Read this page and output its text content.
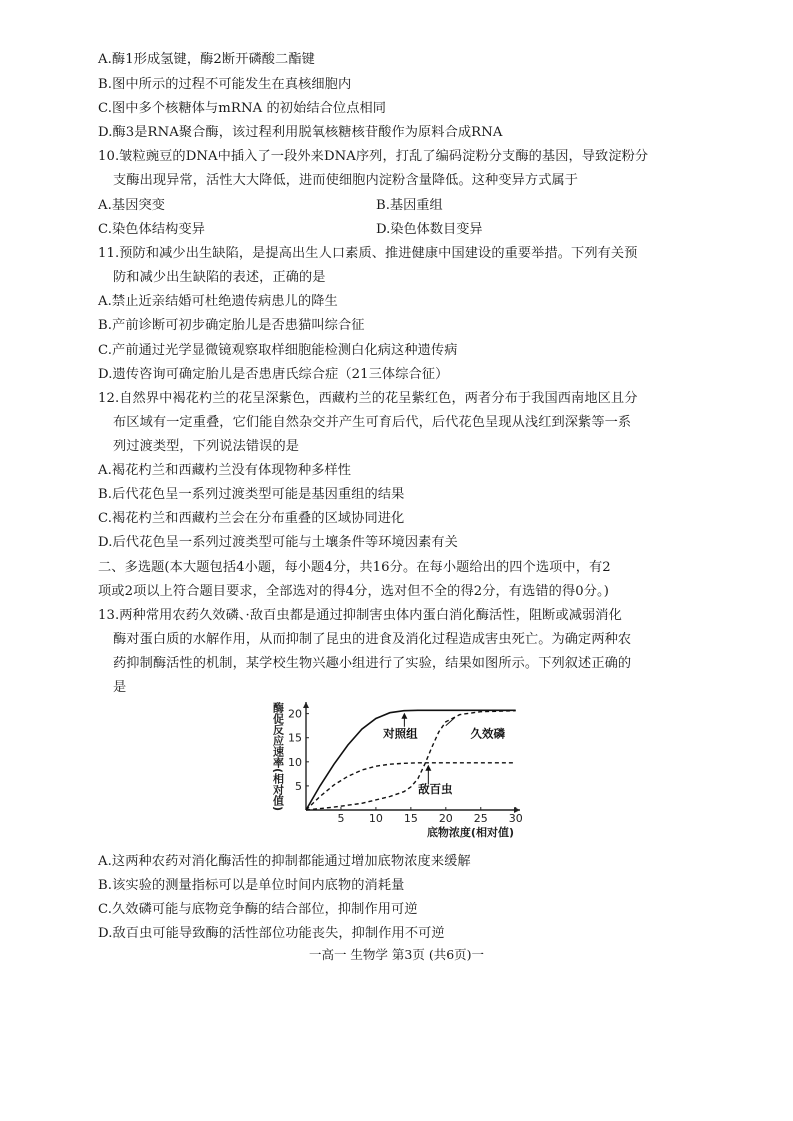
A.酶1形成氢键，酶2断开磷酸二酯键
B.图中所示的过程不可能发生在真核细胞内
C.图中多个核糖体与mRNA 的初始结合位点相同
D.酶3是RNA聚合酶，该过程利用脱氧核糖核苷酸作为原料合成RNA
10.皱粒豌豆的DNA中插入了一段外来DNA序列，打乱了编码淀粉分支酶的基因，导致淀粉分
支酶出现异常，活性大大降低，进而使细胞内淀粉含量降低。这种变异方式属于
A.基因突变	B.基因重组
C.染色体结构变异	D.染色体数目变异
11.预防和减少出生缺陷，是提高出生人口素质、推进健康中国建设的重要举措。下列有关预
防和减少出生缺陷的表述，正确的是
A.禁止近亲结婚可杜绝遗传病患儿的降生
B.产前诊断可初步确定胎儿是否患猫叫综合征
C.产前通过光学显微镜观察取样细胞能检测白化病这种遗传病
D.遗传咨询可确定胎儿是否患唐氏综合症（21三体综合征）
12.自然界中褐花杓兰的花呈深紫色，西藏杓兰的花呈紫红色，两者分布于我国西南地区且分
布区域有一定重叠，它们能自然杂交并产生可育后代，后代花色呈现从浅红到深紫等一系
列过渡类型，下列说法错误的是
A.褐花杓兰和西藏杓兰没有体现物种多样性
B.后代花色呈一系列过渡类型可能是基因重组的结果
C.褐花杓兰和西藏杓兰会在分布重叠的区域协同进化
D.后代花色呈一系列过渡类型可能与土壤条件等环境因素有关
二、多选题(本大题包括4小题，每小题4分，共16分。在每小题给出的四个选项中，有2
项或2项以上符合题目要求，全部选对的得4分，选对但不全的得2分，有选错的得0分。)
13.两种常用农药久效磷、·敌百虫都是通过抑制害虫体内蛋白消化酶活性，阻断或减弱消化
酶对蛋白质的水解作用，从而抑制了昆虫的进食及消化过程造成害虫死亡。为确定两种农
药抑制酶活性的机制，某学校生物兴趣小组进行了实验，结果如图所示。下列叙述正确的
是
5 10 15 20 25 30
5
10
15
20
酶促反应速率(相对值)
底物浓度(相对值)
对照组	久效磷
敌百虫
A.这两种农药对消化酶活性的抑制都能通过增加底物浓度来缓解
B.该实验的测量指标可以是单位时间内底物的消耗量
C.久效磷可能与底物竞争酶的结合部位，抑制作用可逆
D.敌百虫可能导致酶的活性部位功能丧失，抑制作用不可逆
一高一 生物学 第3页 (共6页)一
